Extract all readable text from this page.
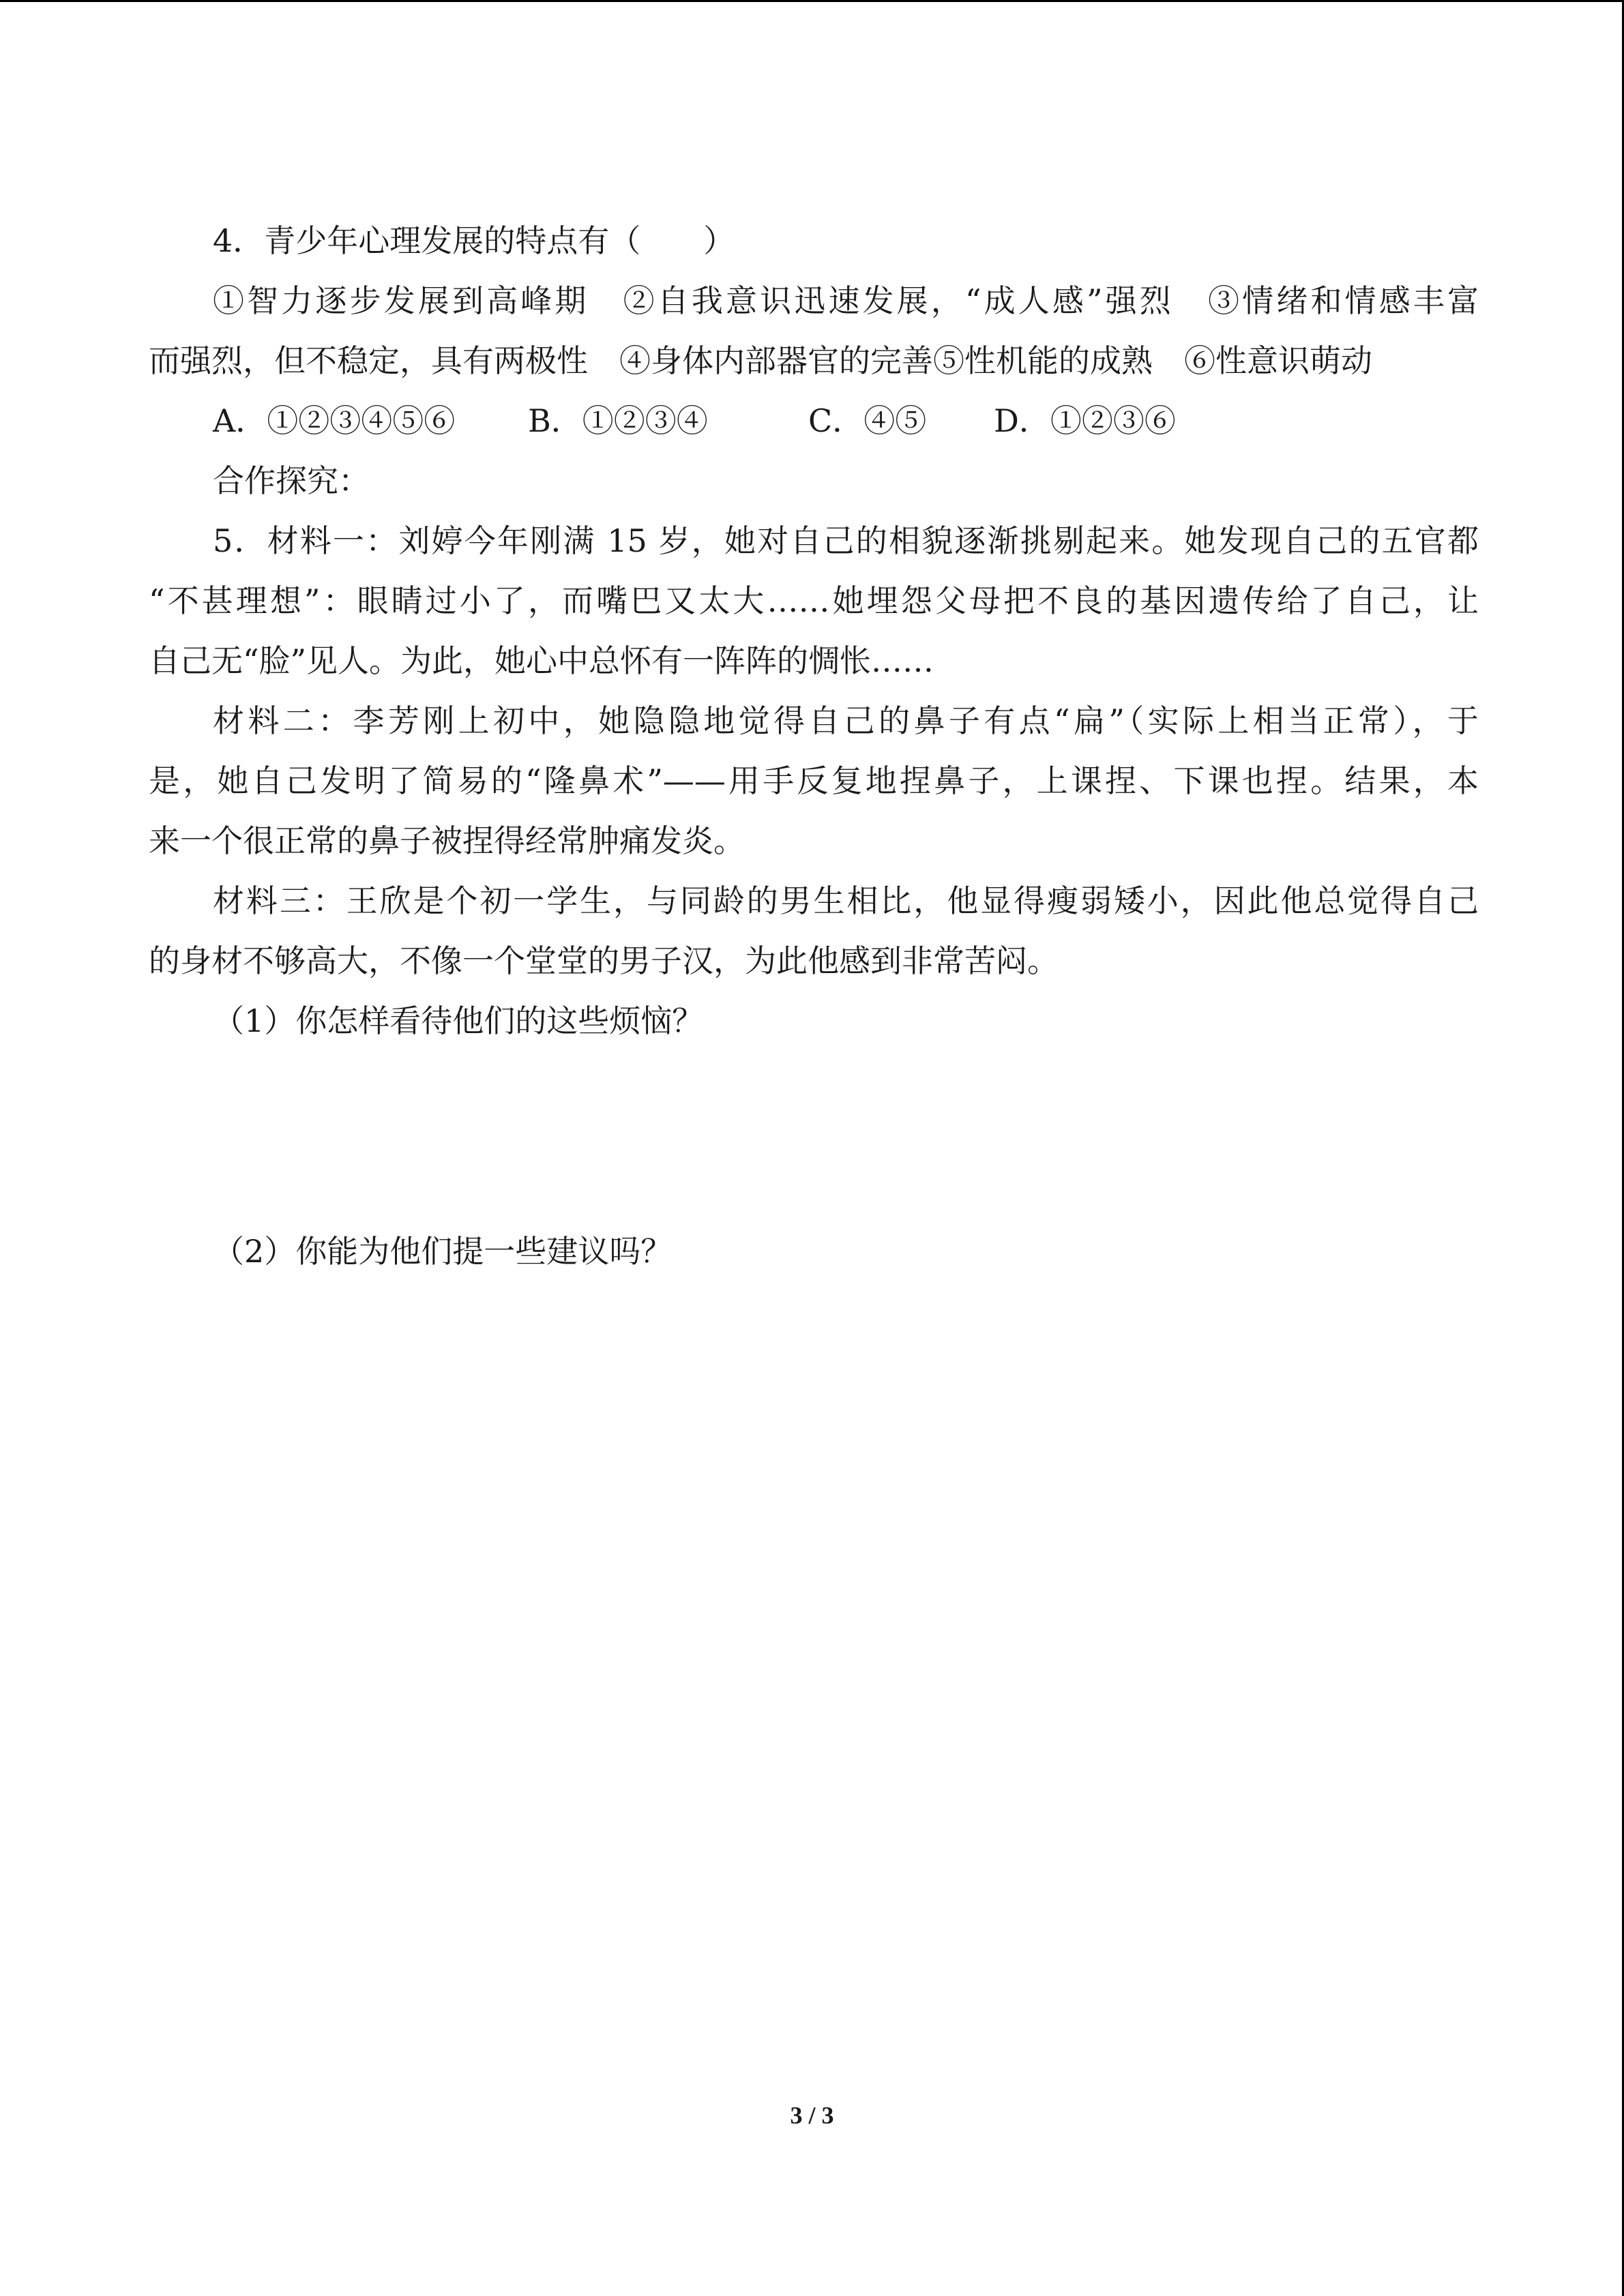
4．青少年心理发展的特点有（　　）
①智力逐步发展到高峰期　②自我意识迅速发展，“成人感”强烈　③情绪和情感丰富
而强烈，但不稳定，具有两极性　④身体内部器官的完善⑤性机能的成熟　⑥性意识萌动
A．①②③④⑤⑥ B．①②③④	C．④⑤ D．①②③⑥
合作探究：
5．材料一：刘婷今年刚满 15 岁，她对自己的相貌逐渐挑剔起来。她发现自己的五官都
“不甚理想”：眼睛过小了，而嘴巴又太大……她埋怨父母把不良的基因遗传给了自己，让
自己无“脸”见人。为此，她心中总怀有一阵阵的惆怅……
材料二：李芳刚上初中，她隐隐地觉得自己的鼻子有点“扁”（实际上相当正常），于
是，她自己发明了简易的“隆鼻术”——用手反复地捏鼻子，上课捏、下课也捏。结果，本
来一个很正常的鼻子被捏得经常肿痛发炎。
材料三：王欣是个初一学生，与同龄的男生相比，他显得瘦弱矮小，因此他总觉得自己
的身材不够高大，不像一个堂堂的男子汉，为此他感到非常苦闷。
（1）你怎样看待他们的这些烦恼？
（2）你能为他们提一些建议吗？
3 / 3
